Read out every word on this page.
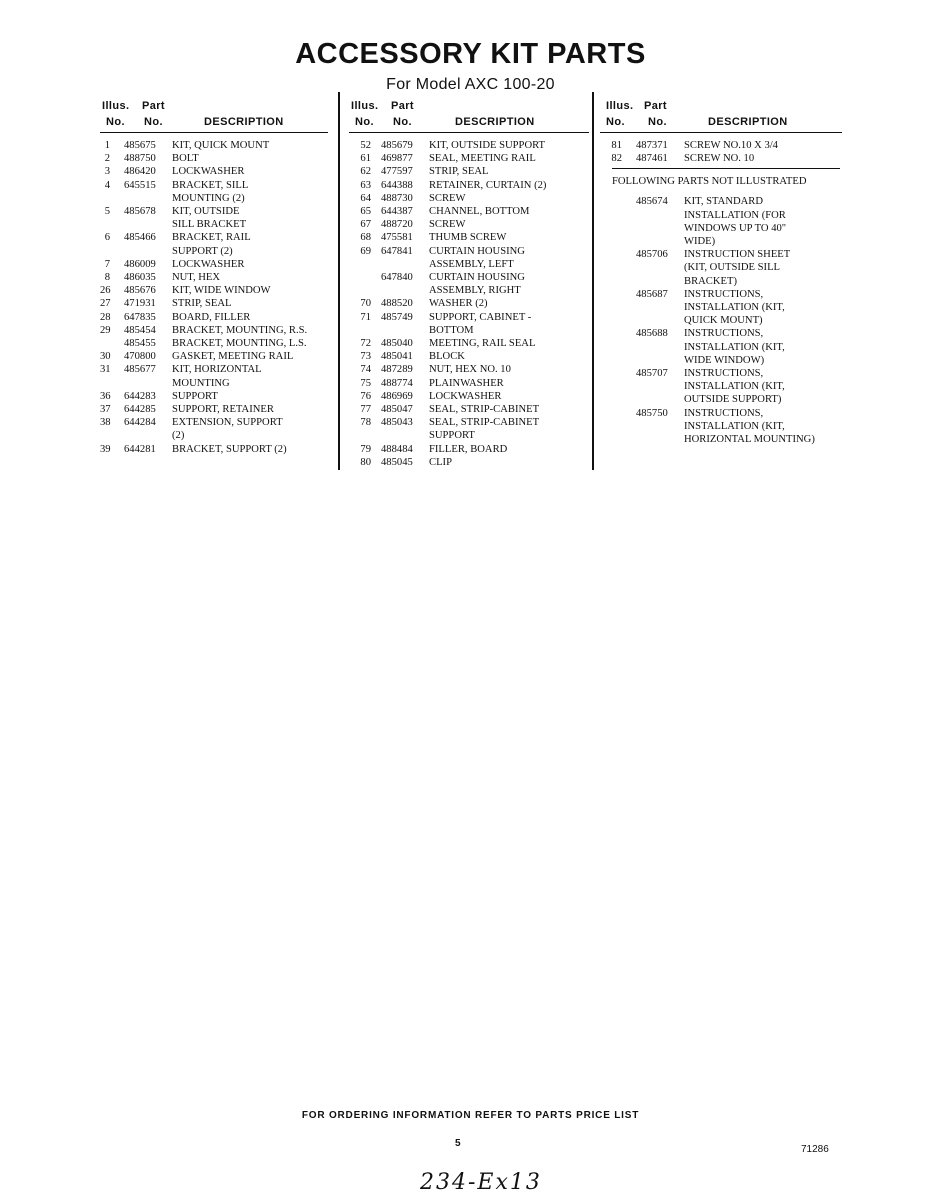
ACCESSORY KIT PARTS
For Model AXC 100-20
Illus. Part
No. No.	DESCRIPTION
1 485675	KIT, QUICK MOUNT
2 488750	BOLT
3 486420	LOCKWASHER
4 645515	BRACKET, SILL
MOUNTING (2)
5 485678	KIT, OUTSIDE
SILL BRACKET
6 485466	BRACKET, RAIL
SUPPORT (2)
7 486009	LOCKWASHER
8 486035	NUT, HEX
26 485676	KIT, WIDE WINDOW
27 471931	STRIP, SEAL
28 647835	BOARD, FILLER
29 485454	BRACKET, MOUNTING, R.S.
485455	BRACKET, MOUNTING, L.S.
30 470800	GASKET, MEETING RAIL
31 485677	KIT, HORIZONTAL
MOUNTING
36 644283	SUPPORT
37 644285	SUPPORT, RETAINER
38 644284	EXTENSION, SUPPORT
(2)
39 644281	BRACKET, SUPPORT (2)
Illus. Part
No. No.	DESCRIPTION
52 485679	KIT, OUTSIDE SUPPORT
61 469877	SEAL, MEETING RAIL
62 477597	STRIP, SEAL
63 644388	RETAINER, CURTAIN (2)
64 488730	SCREW
65 644387	CHANNEL, BOTTOM
67 488720	SCREW
68 475581	THUMB SCREW
69 647841	CURTAIN HOUSING
ASSEMBLY, LEFT
647840	CURTAIN HOUSING
ASSEMBLY, RIGHT
70 488520	WASHER (2)
71 485749	SUPPORT, CABINET -
BOTTOM
72 485040	MEETING, RAIL SEAL
73 485041	BLOCK
74 487289	NUT, HEX NO. 10
75 488774	PLAINWASHER
76 486969	LOCKWASHER
77 485047	SEAL, STRIP-CABINET
78 485043	SEAL, STRIP-CABINET
SUPPORT
79 488484	FILLER, BOARD
80 485045	CLIP
Illus. Part
No. No.	DESCRIPTION
81 487371	SCREW NO.10 X 3/4
82 487461	SCREW NO. 10
FOLLOWING PARTS NOT ILLUSTRATED
485674	KIT, STANDARD
INSTALLATION (FOR
WINDOWS UP TO 40"
WIDE)
485706	INSTRUCTION SHEET
(KIT, OUTSIDE SILL
BRACKET)
485687	INSTRUCTIONS,
INSTALLATION (KIT,
QUICK MOUNT)
485688	INSTRUCTIONS,
INSTALLATION (KIT,
WIDE WINDOW)
485707	INSTRUCTIONS,
INSTALLATION (KIT,
OUTSIDE SUPPORT)
485750	INSTRUCTIONS,
INSTALLATION (KIT,
HORIZONTAL MOUNTING)
FOR ORDERING INFORMATION REFER TO PARTS PRICE LIST
5
71286
234-Ex13
